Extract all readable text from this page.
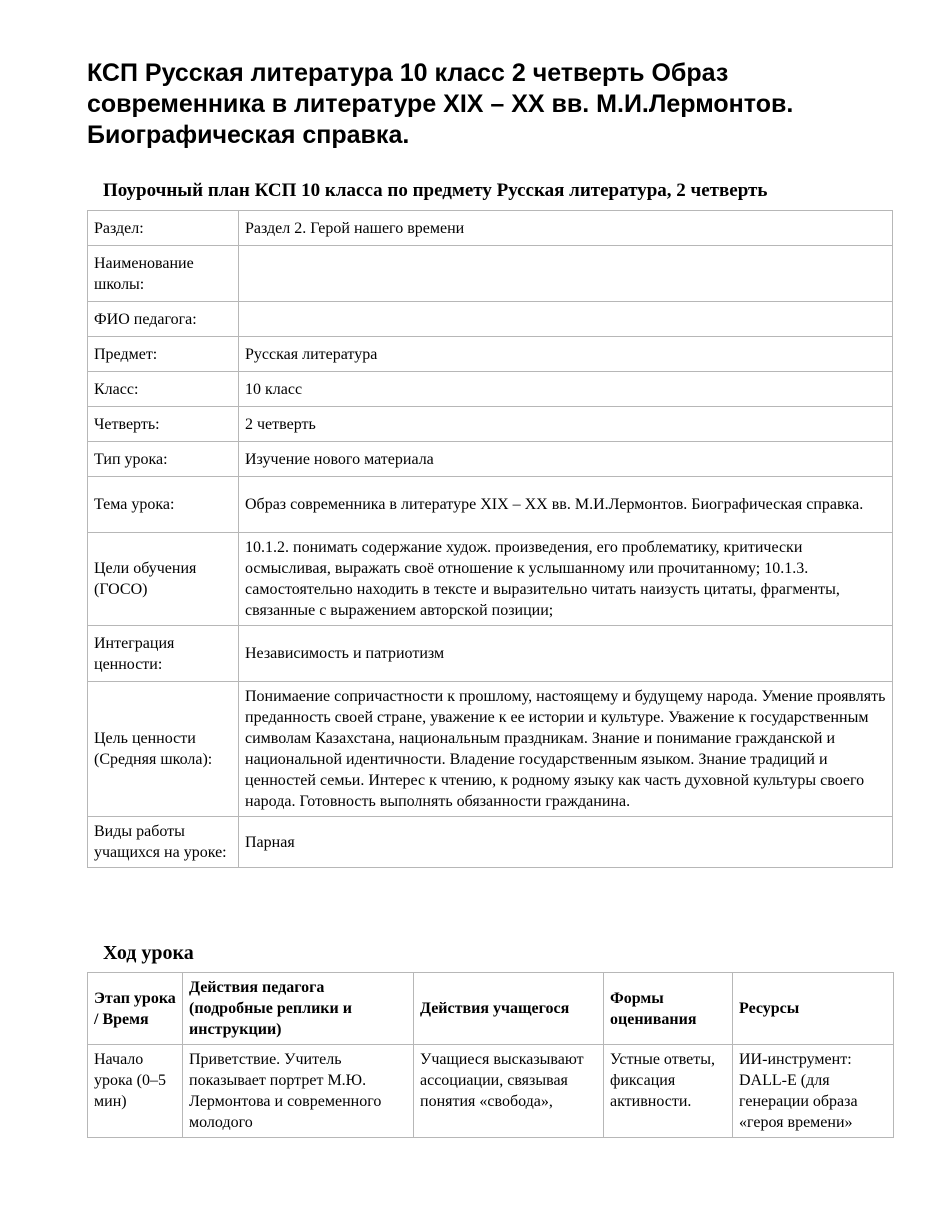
КСП Русская литература 10 класс 2 четверть Образ современника в литературе XIX – XX вв. М.И.Лермонтов. Биографическая справка.
Поурочный план КСП 10 класса по предмету Русская литература, 2 четверть
Раздел:	Раздел 2. Герой нашего времени
Наименование школы:	
ФИО педагога:	
Предмет:	Русская литература
Класс:	10 класс
Четверть:	2 четверть
Тип урока:	Изучение нового материала
Тема урока:	Образ современника в литературе XIX – XX вв. М.И.Лермонтов. Биографическая справка.
Цели обучения (ГОСО)	10.1.2. понимать содержание худож. произведения, его проблематику, критически осмысливая, выражать своё отношение к услышанному или прочитанному; 10.1.3. самостоятельно находить в тексте и выразительно читать наизусть цитаты, фрагменты, связанные с выражением авторской позиции;
Интеграция ценности:	Независимость и патриотизм
Цель ценности (Средняя школа):	Понимаение сопричастности к прошлому, настоящему и будущему народа. Умение проявлять преданность своей стране, уважение к ее истории и культуре. Уважение к государственным символам Казахстана, национальным праздникам. Знание и понимание гражданской и национальной идентичности. Владение государственным языком. Знание традиций и ценностей семьи. Интерес к чтению, к родному языку как часть духовной культуры своего народа. Готовность выполнять обязанности гражданина.
Виды работы учащихся на уроке:	Парная
Ход урока
Этап урока / Время	Действия педагога (подробные реплики и инструкции)	Действия учащегося	Формы оценивания	Ресурсы
Начало урока (0–5 мин)	Приветствие. Учитель показывает портрет М.Ю. Лермонтова и современного молодого	Учащиеся высказывают ассоциации, связывая понятия «свобода»,	Устные ответы, фиксация активности.	ИИ-инструмент: DALL-E (для генерации образа «героя времени»
